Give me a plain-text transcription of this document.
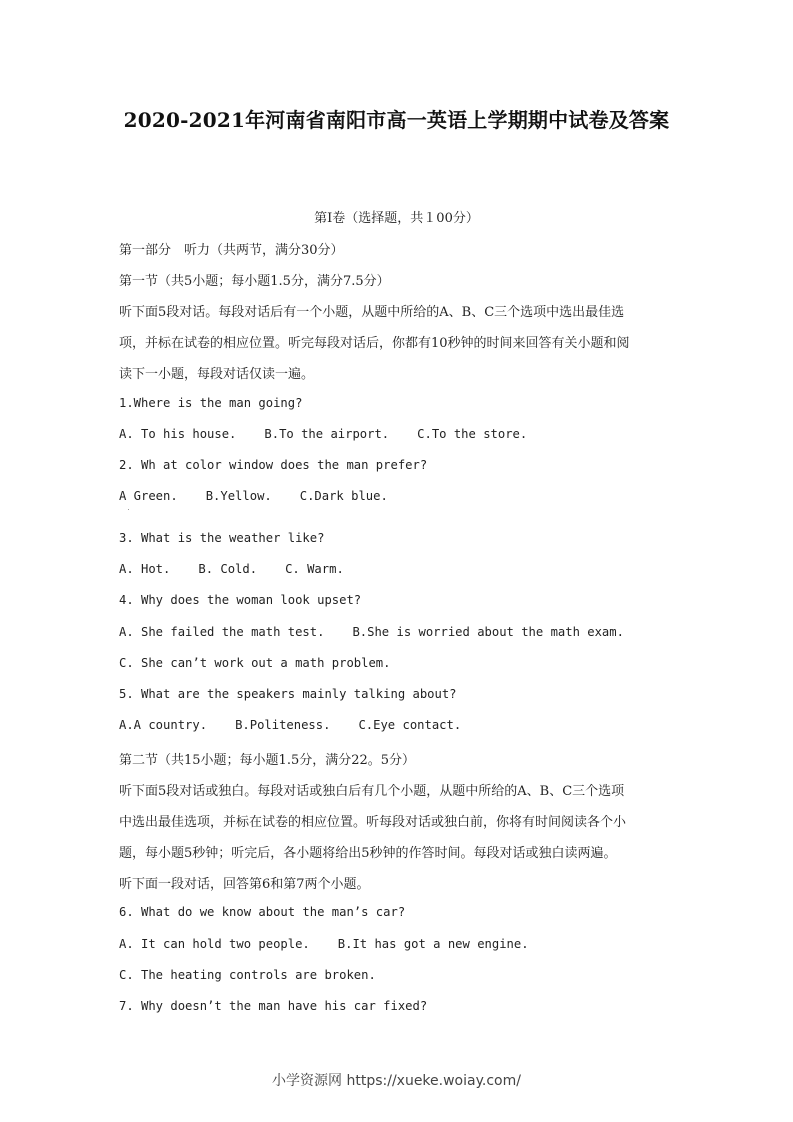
2020-2021年河南省南阳市高一英语上学期期中试卷及答案
第Ⅰ卷（选择题，共１00分）
第一部分　听力（共两节，满分30分）
第一节（共5小题；每小题1.5分，满分7.5分）
听下面5段对话。每段对话后有一个小题，从题中所给的A、B、C三个选项中选出最佳选
项，并标在试卷的相应位置。听完每段对话后，你都有10秒钟的时间来回答有关小题和阅
读下一小题，每段对话仅读一遍。
1.Where is the man going?
A. To his house. B.To the airport. C.To the store.
2. Wh at color window does the man prefer?
A Green. B.Yellow. C.Dark blue.
3. What is the weather like?
A. Hot. B. Cold. C. Warm.
4. Why does the woman look upset?
A. She failed the math test. B.She is worried about the math exam.
C. She can’t work out a math problem.
5. What are the speakers mainly talking about?
A.A country. B.Politeness. C.Eye contact.
第二节（共15小题；每小题1.5分，满分22。5分）
听下面5段对话或独白。每段对话或独白后有几个小题，从题中所给的A、B、C三个选项
中选出最佳选项，并标在试卷的相应位置。听每段对话或独白前，你将有时间阅读各个小
题，每小题5秒钟；听完后，各小题将给出5秒钟的作答时间。每段对话或独白读两遍。
听下面一段对话，回答第6和第7两个小题。
6. What do we know about the man’s car?
A. It can hold two people. B.It has got a new engine.
C. The heating controls are broken.
7. Why doesn’t the man have his car fixed?
小学资源网 https://xueke.woiay.com/
